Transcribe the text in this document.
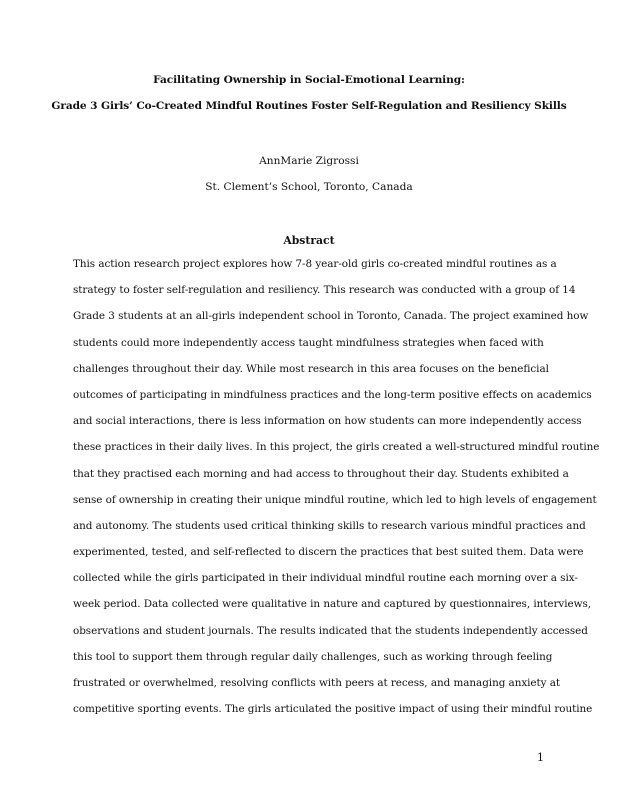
Facilitating Ownership in Social-Emotional Learning:
Grade 3 Girls’ Co-Created Mindful Routines Foster Self-Regulation and Resiliency Skills
AnnMarie Zigrossi
St. Clement’s School, Toronto, Canada
Abstract
This action research project explores how 7-8 year-old girls co-created mindful routines as a
strategy to foster self-regulation and resiliency. This research was conducted with a group of 14
Grade 3 students at an all-girls independent school in Toronto, Canada. The project examined how
students could more independently access taught mindfulness strategies when faced with
challenges throughout their day. While most research in this area focuses on the beneficial
outcomes of participating in mindfulness practices and the long-term positive effects on academics
and social interactions, there is less information on how students can more independently access
these practices in their daily lives. In this project, the girls created a well-structured mindful routine
that they practised each morning and had access to throughout their day. Students exhibited a
sense of ownership in creating their unique mindful routine, which led to high levels of engagement
and autonomy. The students used critical thinking skills to research various mindful practices and
experimented, tested, and self-reflected to discern the practices that best suited them. Data were
collected while the girls participated in their individual mindful routine each morning over a six-
week period. Data collected were qualitative in nature and captured by questionnaires, interviews,
observations and student journals. The results indicated that the students independently accessed
this tool to support them through regular daily challenges, such as working through feeling
frustrated or overwhelmed, resolving conflicts with peers at recess, and managing anxiety at
competitive sporting events. The girls articulated the positive impact of using their mindful routine
1
